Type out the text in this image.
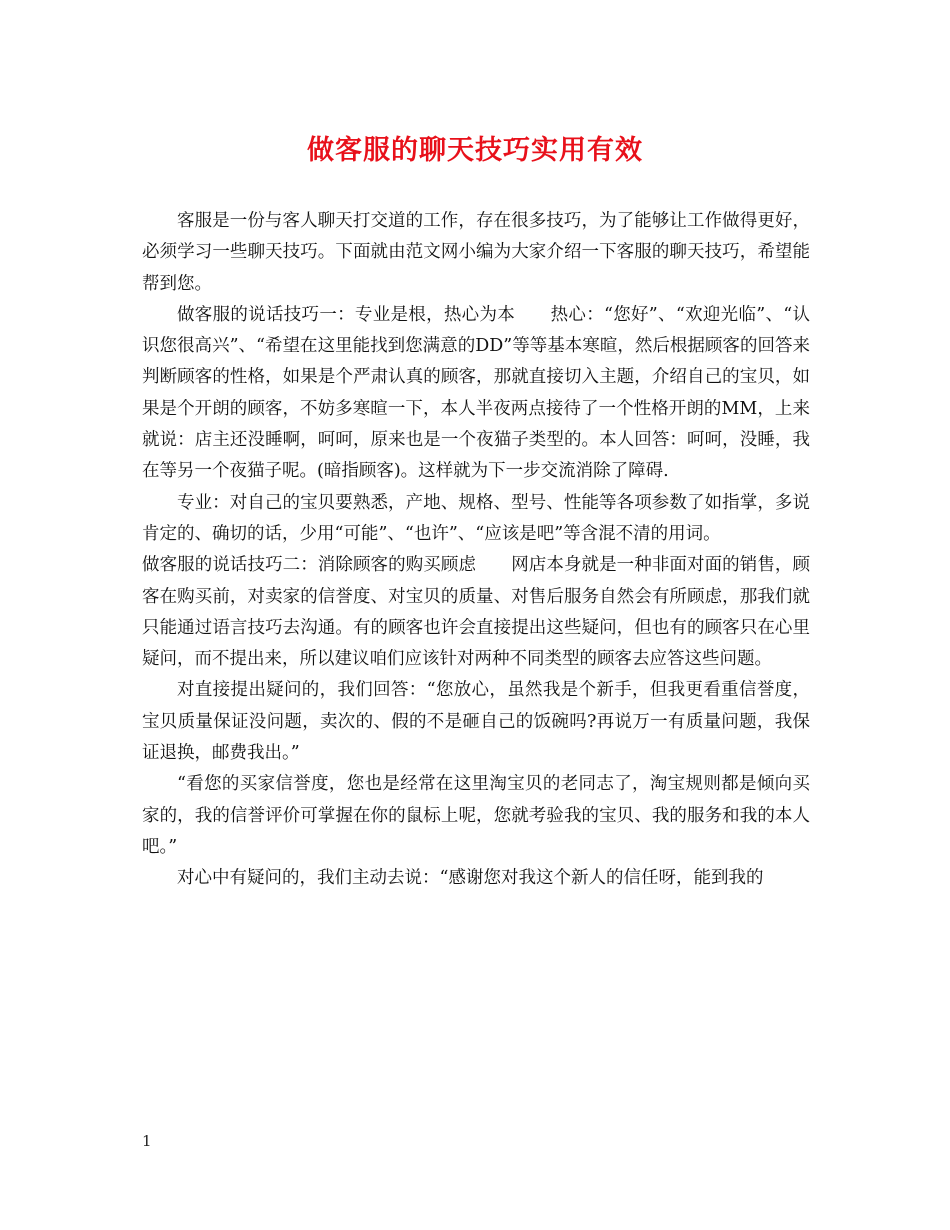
做客服的聊天技巧实用有效

客服是一份与客人聊天打交道的工作，存在很多技巧，为了能够让工作做得更好，必须学习一些聊天技巧。下面就由范文网小编为大家介绍一下客服的聊天技巧，希望能帮到您。

做客服的说话技巧一：专业是根，热心为本　　热心：“您好”、“欢迎光临”、“认识您很高兴”、“希望在这里能找到您满意的DD”等等基本寒暄，然后根据顾客的回答来判断顾客的性格，如果是个严肃认真的顾客，那就直接切入主题，介绍自己的宝贝，如果是个开朗的顾客，不妨多寒暄一下，本人半夜两点接待了一个性格开朗的MM，上来就说：店主还没睡啊，呵呵，原来也是一个夜猫子类型的。本人回答：呵呵，没睡，我在等另一个夜猫子呢。(暗指顾客)。这样就为下一步交流消除了障碍.

专业：对自己的宝贝要熟悉，产地、规格、型号、性能等各项参数了如指掌，多说肯定的、确切的话，少用“可能”、“也许”、“应该是吧”等含混不清的用词。

做客服的说话技巧二：消除顾客的购买顾虑　　网店本身就是一种非面对面的销售，顾客在购买前，对卖家的信誉度、对宝贝的质量、对售后服务自然会有所顾虑，那我们就只能通过语言技巧去沟通。有的顾客也许会直接提出这些疑问，但也有的顾客只在心里疑问，而不提出来，所以建议咱们应该针对两种不同类型的顾客去应答这些问题。

对直接提出疑问的，我们回答：“您放心，虽然我是个新手，但我更看重信誉度，宝贝质量保证没问题，卖次的、假的不是砸自己的饭碗吗?再说万一有质量问题，我保证退换，邮费我出。”

“看您的买家信誉度，您也是经常在这里淘宝贝的老同志了，淘宝规则都是倾向买家的，我的信誉评价可掌握在你的鼠标上呢，您就考验我的宝贝、我的服务和我的本人吧。”

对心中有疑问的，我们主动去说：“感谢您对我这个新人的信任呀，能到我的

1
